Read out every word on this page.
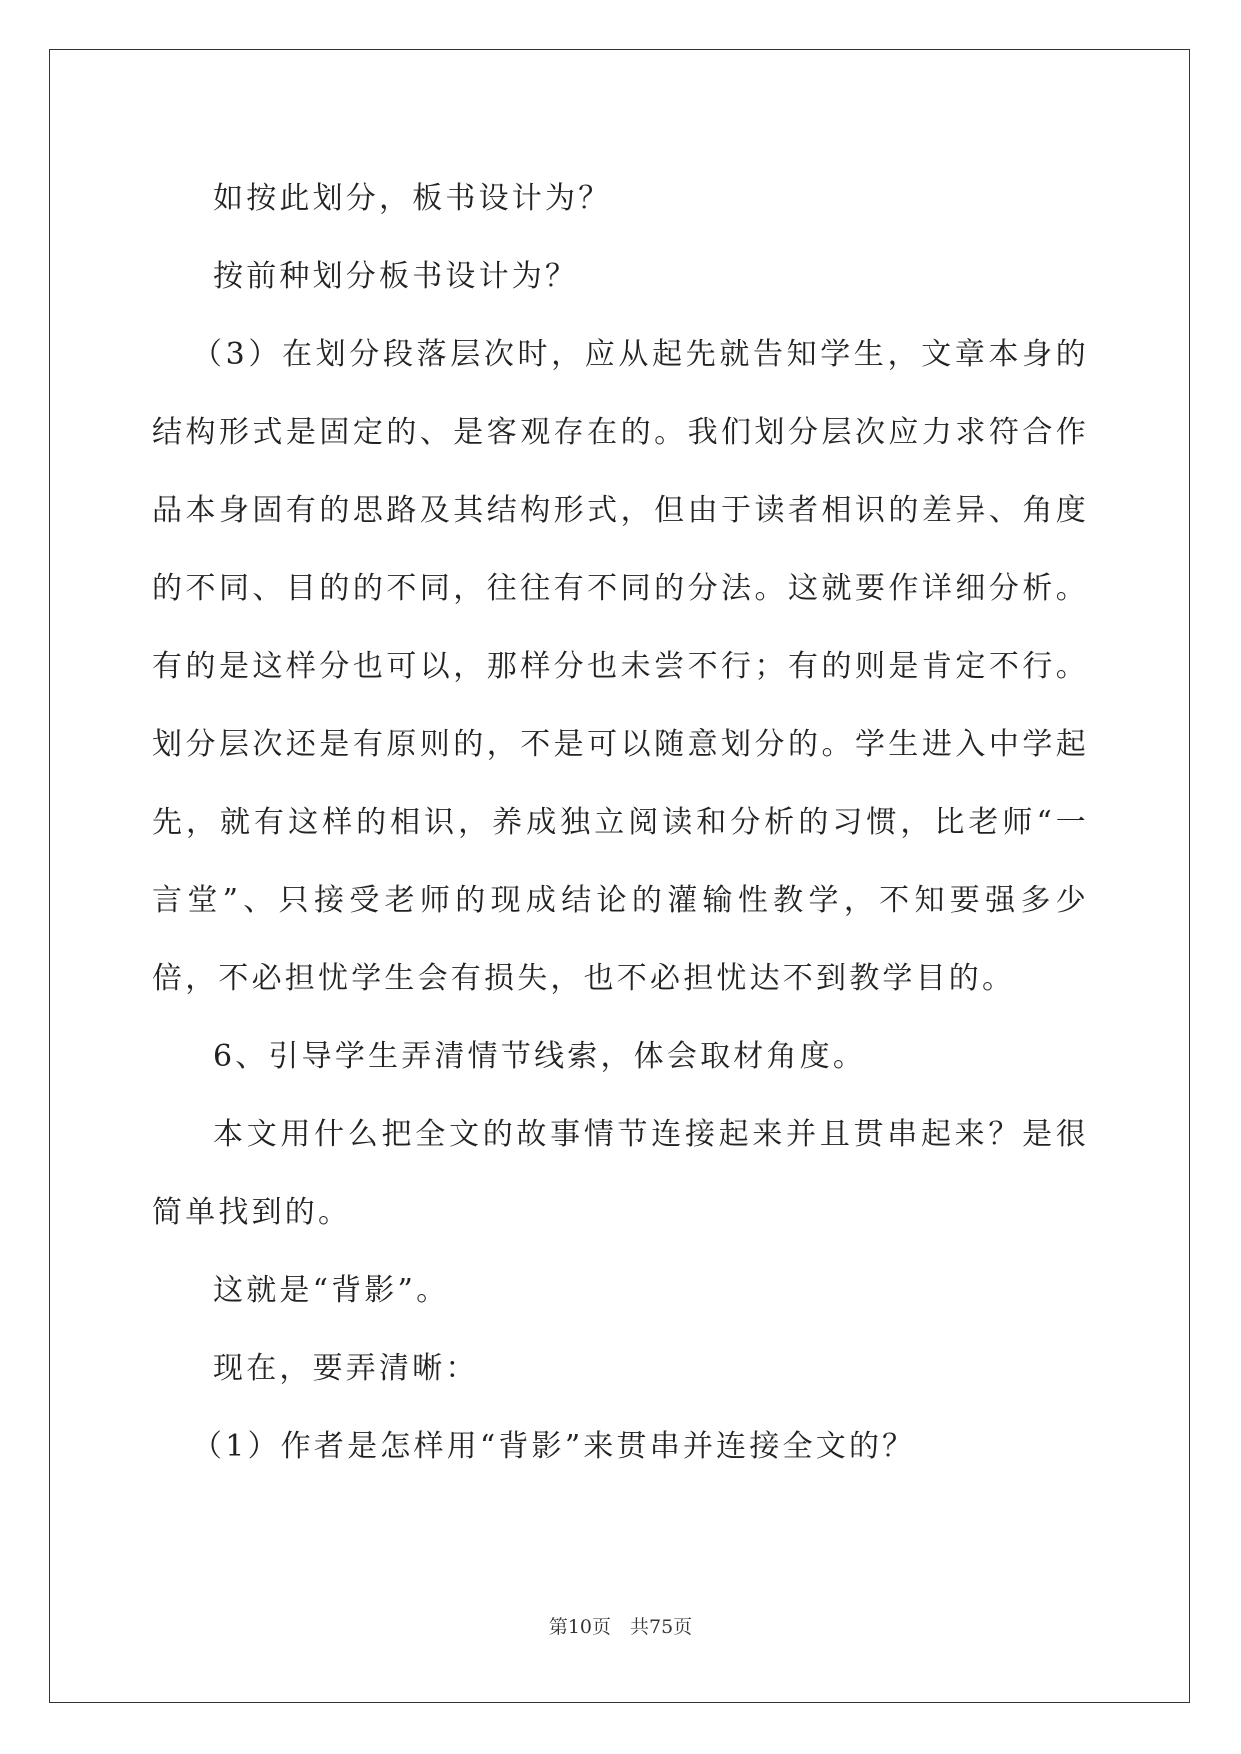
如按此划分，板书设计为？

按前种划分板书设计为？

（3）在划分段落层次时，应从起先就告知学生，文章本身的结构形式是固定的、是客观存在的。我们划分层次应力求符合作品本身固有的思路及其结构形式，但由于读者相识的差异、角度的不同、目的的不同，往往有不同的分法。这就要作详细分析。有的是这样分也可以，那样分也未尝不行；有的则是肯定不行。划分层次还是有原则的，不是可以随意划分的。学生进入中学起先，就有这样的相识，养成独立阅读和分析的习惯，比老师“一言堂”、只接受老师的现成结论的灌输性教学，不知要强多少倍，不必担忧学生会有损失，也不必担忧达不到教学目的。

6、引导学生弄清情节线索，体会取材角度。

本文用什么把全文的故事情节连接起来并且贯串起来？是很简单找到的。

这就是“背影”。

现在，要弄清晰：

（1）作者是怎样用“背影”来贯串并连接全文的？

第10页　共75页
